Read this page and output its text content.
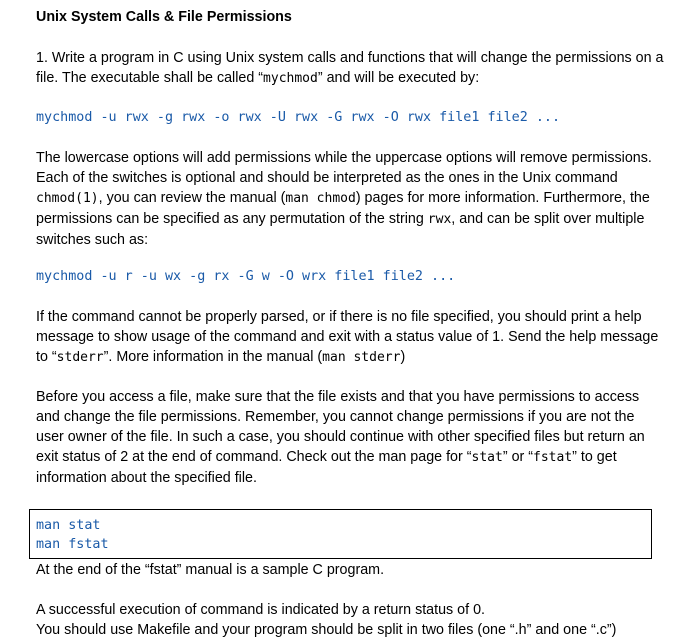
Unix System Calls & File Permissions

1. Write a program in C using Unix system calls and functions that will change the permissions on a file. The executable shall be called “mychmod” and will be executed by:

mychmod -u rwx -g rwx -o rwx -U rwx -G rwx -O rwx file1 file2 ...

The lowercase options will add permissions while the uppercase options will remove permissions. Each of the switches is optional and should be interpreted as the ones in the Unix command chmod(1), you can review the manual (man chmod) pages for more information. Furthermore, the permissions can be specified as any permutation of the string rwx, and can be split over multiple switches such as:

mychmod -u r -u wx -g rx -G w -O wrx file1 file2 ...

If the command cannot be properly parsed, or if there is no file specified, you should print a help message to show usage of the command and exit with a status value of 1. Send the help message to “stderr”. More information in the manual (man stderr)

Before you access a file, make sure that the file exists and that you have permissions to access and change the file permissions. Remember, you cannot change permissions if you are not the user owner of the file. In such a case, you should continue with other specified files but return an exit status of 2 at the end of command. Check out the man page for “stat” or “fstat” to get information about the specified file.

man stat
man fstat

At the end of the “fstat” manual is a sample C program.

A successful execution of command is indicated by a return status of 0.

You should use Makefile and your program should be split in two files (one “.h” and one “.c”)
